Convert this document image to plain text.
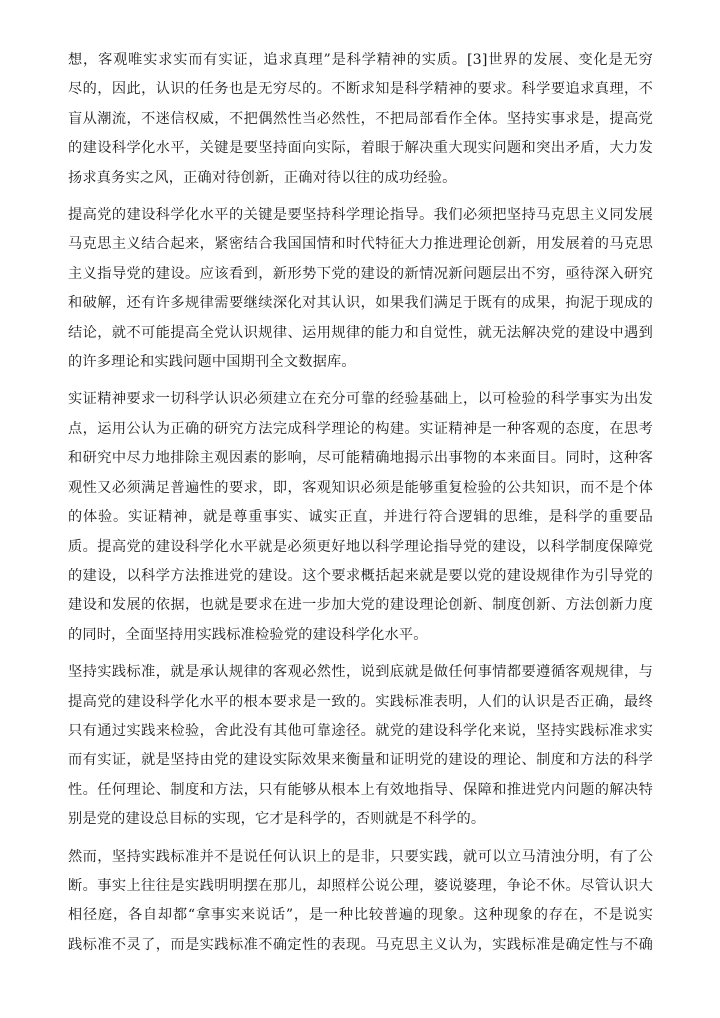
想，客观唯实求实而有实证，追求真理”是科学精神的实质。[3]世界的发展、变化是无穷
尽的，因此，认识的任务也是无穷尽的。不断求知是科学精神的要求。科学要追求真理，不
盲从潮流，不迷信权威，不把偶然性当必然性，不把局部看作全体。坚持实事求是，提高党
的建设科学化水平，关键是要坚持面向实际，着眼于解决重大现实问题和突出矛盾，大力发
扬求真务实之风，正确对待创新，正确对待以往的成功经验。

提高党的建设科学化水平的关键是要坚持科学理论指导。我们必须把坚持马克思主义同发展
马克思主义结合起来，紧密结合我国国情和时代特征大力推进理论创新，用发展着的马克思
主义指导党的建设。应该看到，新形势下党的建设的新情况新问题层出不穷，亟待深入研究
和破解，还有许多规律需要继续深化对其认识，如果我们满足于既有的成果，拘泥于现成的
结论，就不可能提高全党认识规律、运用规律的能力和自觉性，就无法解决党的建设中遇到
的许多理论和实践问题中国期刊全文数据库。

实证精神要求一切科学认识必须建立在充分可靠的经验基础上，以可检验的科学事实为出发
点，运用公认为正确的研究方法完成科学理论的构建。实证精神是一种客观的态度，在思考
和研究中尽力地排除主观因素的影响，尽可能精确地揭示出事物的本来面目。同时，这种客
观性又必须满足普遍性的要求，即，客观知识必须是能够重复检验的公共知识，而不是个体
的体验。实证精神，就是尊重事实、诚实正直，并进行符合逻辑的思维，是科学的重要品
质。提高党的建设科学化水平就是必须更好地以科学理论指导党的建设，以科学制度保障党
的建设，以科学方法推进党的建设。这个要求概括起来就是要以党的建设规律作为引导党的
建设和发展的依据，也就是要求在进一步加大党的建设理论创新、制度创新、方法创新力度
的同时，全面坚持用实践标准检验党的建设科学化水平。

坚持实践标准，就是承认规律的客观必然性，说到底就是做任何事情都要遵循客观规律，与
提高党的建设科学化水平的根本要求是一致的。实践标准表明，人们的认识是否正确，最终
只有通过实践来检验，舍此没有其他可靠途径。就党的建设科学化来说，坚持实践标准求实
而有实证，就是坚持由党的建设实际效果来衡量和证明党的建设的理论、制度和方法的科学
性。任何理论、制度和方法，只有能够从根本上有效地指导、保障和推进党内问题的解决特
别是党的建设总目标的实现，它才是科学的，否则就是不科学的。

然而，坚持实践标准并不是说任何认识上的是非，只要实践，就可以立马清浊分明，有了公
断。事实上往往是实践明明摆在那儿，却照样公说公理，婆说婆理，争论不休。尽管认识大
相径庭，各自却都“拿事实来说话”，是一种比较普遍的现象。这种现象的存在，不是说实
践标准不灵了，而是实践标准不确定性的表现。马克思主义认为，实践标准是确定性与不确
